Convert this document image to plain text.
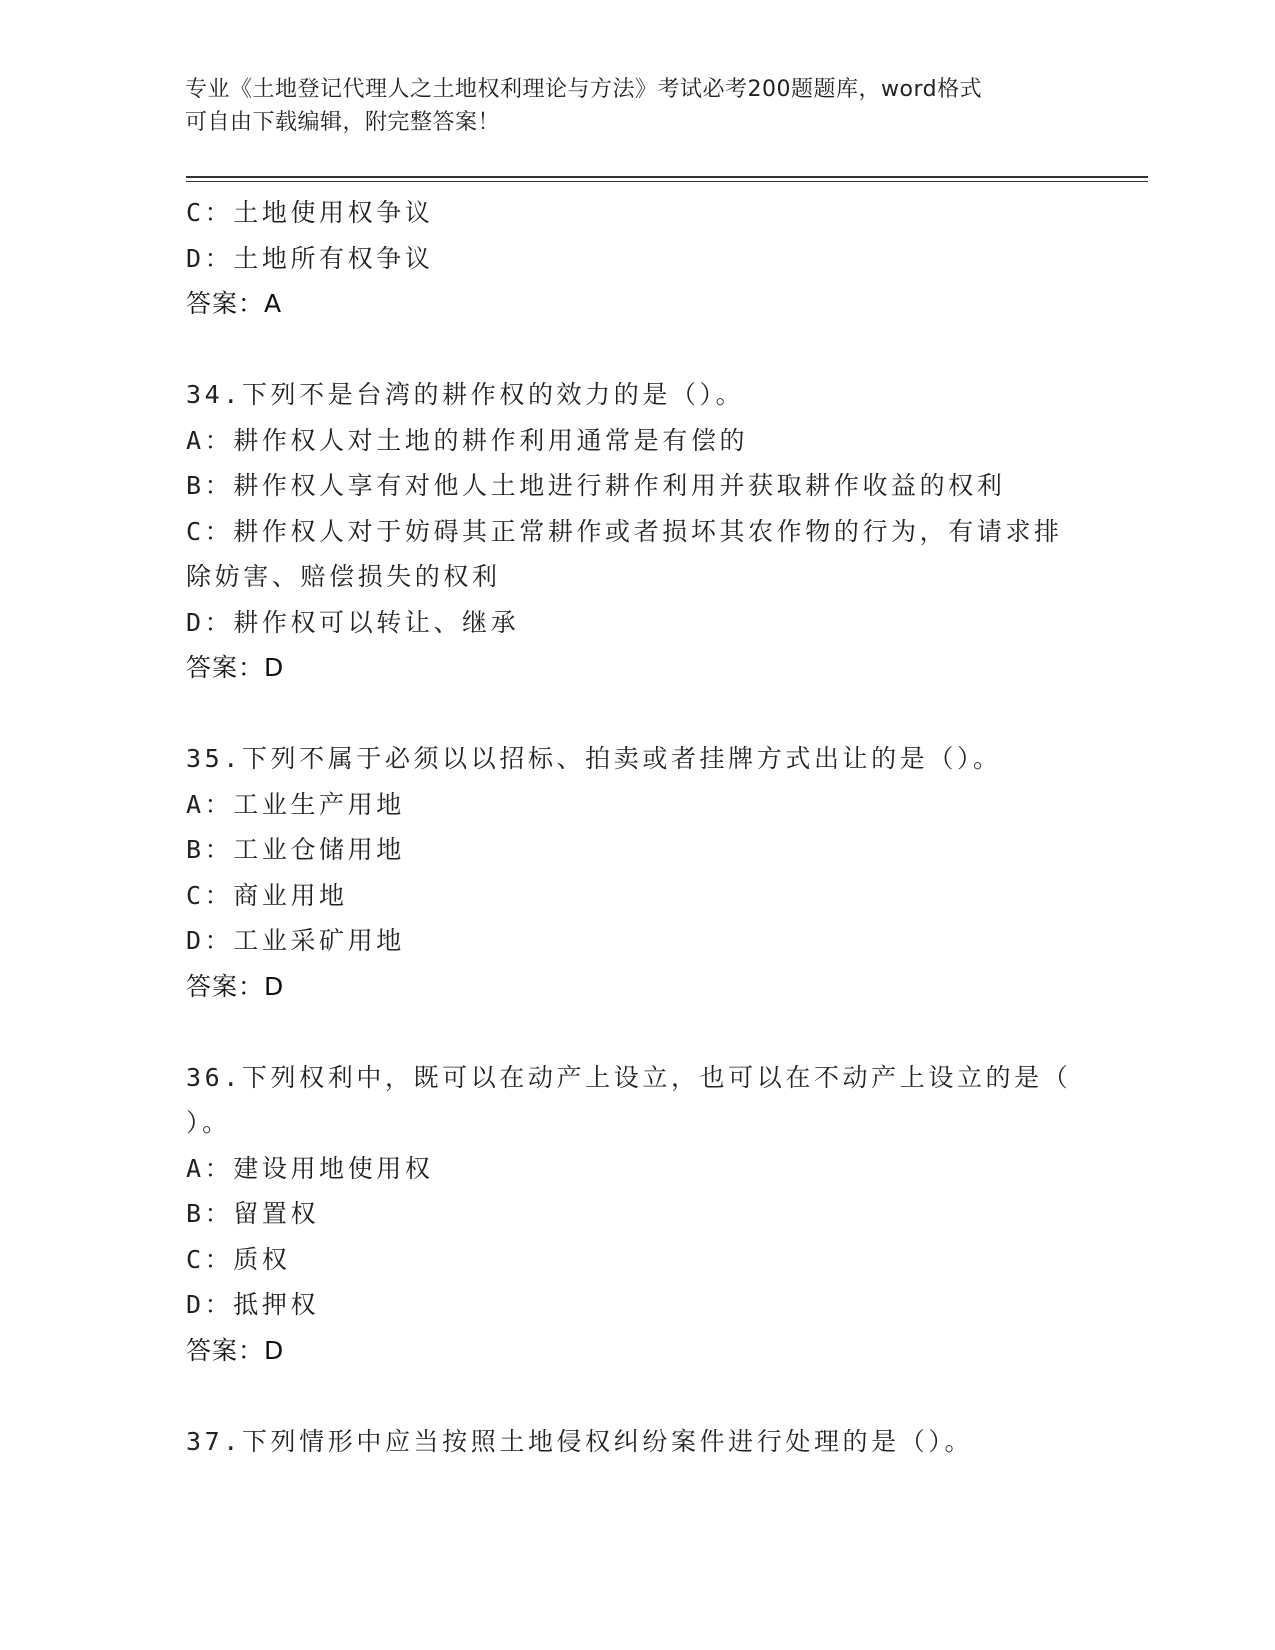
专业《土地登记代理人之土地权利理论与方法》考试必考200题题库，word格式
可自由下载编辑，附完整答案！
C：土地使用权争议
D：土地所有权争议
答案：A
34.下列不是台湾的耕作权的效力的是（）。
A：耕作权人对土地的耕作利用通常是有偿的
B：耕作权人享有对他人土地进行耕作利用并获取耕作收益的权利
C：耕作权人对于妨碍其正常耕作或者损坏其农作物的行为，有请求排
除妨害、赔偿损失的权利
D：耕作权可以转让、继承
答案：D
35.下列不属于必须以以招标、拍卖或者挂牌方式出让的是（）。
A：工业生产用地
B：工业仓储用地
C：商业用地
D：工业采矿用地
答案：D
36.下列权利中，既可以在动产上设立，也可以在不动产上设立的是（
）。
A：建设用地使用权
B：留置权
C：质权
D：抵押权
答案：D
37.下列情形中应当按照土地侵权纠纷案件进行处理的是（）。
